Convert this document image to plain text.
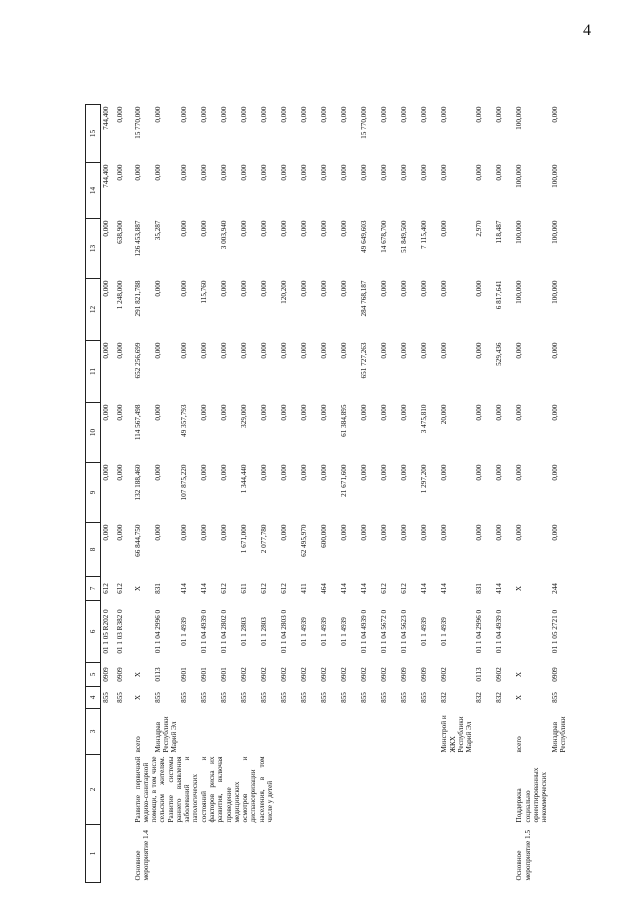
4
1	2	3	4	5	6	7	8	9	10	11	12	13	14	15
			855	0909	01 1 05 R202 0	612	0,000	0,000	0,000	0,000	0,000	0,000	744,400	744,400
			855	0909	01 1 03 R382 0	612	0,000	0,000	0,000	0,000	1 248,000	638,900	0,000	0,000
Основное мероприятие 1.4	Развитие первичной медико-санитарной помощи, в том числе сельским жителям. Развитие системы раннего выявления заболеваний и патологических состояний и факторов риска их развития, включая проведение медицинских осмотров и диспансеризации населения, в том числе у детей	всего	X	X		X	66 844,750	132 188,460	114 567,498	652 256,699	291 821,788	126 453,887	0,000	15 770,000
		Минздрав Республики Марий Эл	855	0113	01 1 04 2996 0	831	0,000	0,000	0,000	0,000	0,000	35,287	0,000	0,000
			855	0901	01 1 4939	414	0,000	107 875,220	49 357,793	0,000	0,000	0,000	0,000	0,000
			855	0901	01 1 04 4939 0	414	0,000	0,000	0,000	0,000	115,760	0,000	0,000	0,000
			855	0901	01 1 04 2802 0	612	0,000	0,000	0,000	0,000	0,000	3 003,940	0,000	0,000
			855	0902	01 1 2803	611	1 671,000	1 344,440	329,000	0,000	0,000	0,000	0,000	0,000
			855	0902	01 1 2803	612	2 077,780	0,000	0,000	0,000	0,000	0,000	0,000	0,000
			855	0902	01 1 04 2803 0	612	0,000	0,000	0,000	0,000	120,200	0,000	0,000	0,000
			855	0902	01 1 4939	411	62 495,970	0,000	0,000	0,000	0,000	0,000	0,000	0,000
			855	0902	01 1 4939	464	600,000	0,000	0,000	0,000	0,000	0,000	0,000	0,000
			855	0902	01 1 4939	414	0,000	21 671,600	61 384,895	0,000	0,000	0,000	0,000	0,000
			855	0902	01 1 04 4939 0	414	0,000	0,000	0,000	651 727,263	284 768,187	49 649,603	0,000	15 770,000
			855	0902	01 1 04 5672 0	612	0,000	0,000	0,000	0,000	0,000	14 678,700	0,000	0,000
			855	0909	01 1 04 5623 0	612	0,000	0,000	0,000	0,000	0,000	51 849,500	0,000	0,000
			855	0909	01 1 4939	414	0,000	1 297,200	3 475,810	0,000	0,000	7 115,400	0,000	0,000
		Минстрой и ЖКХ Республики Марий Эл	832	0902	01 1 4939	414	0,000	0,000	20,000	0,000	0,000	0,000	0,000	0,000
			832	0113	01 1 04 2996 0	831	0,000	0,000	0,000	0,000	0,000	2,970	0,000	0,000
			832	0902	01 1 04 4939 0	414	0,000	0,000	0,000	529,436	6 817,641	118,487	0,000	0,000
Основное мероприятие 1.5	Поддержка социально ориентированных некоммерческих	всего	X	X		X	0,000	0,000	0,000	0,000	100,000	100,000	100,000	100,000
		Минздрав Республики	855	0909	01 1 05 2721 0	244	0,000	0,000	0,000	0,000	100,000	100,000	100,000	0,000
